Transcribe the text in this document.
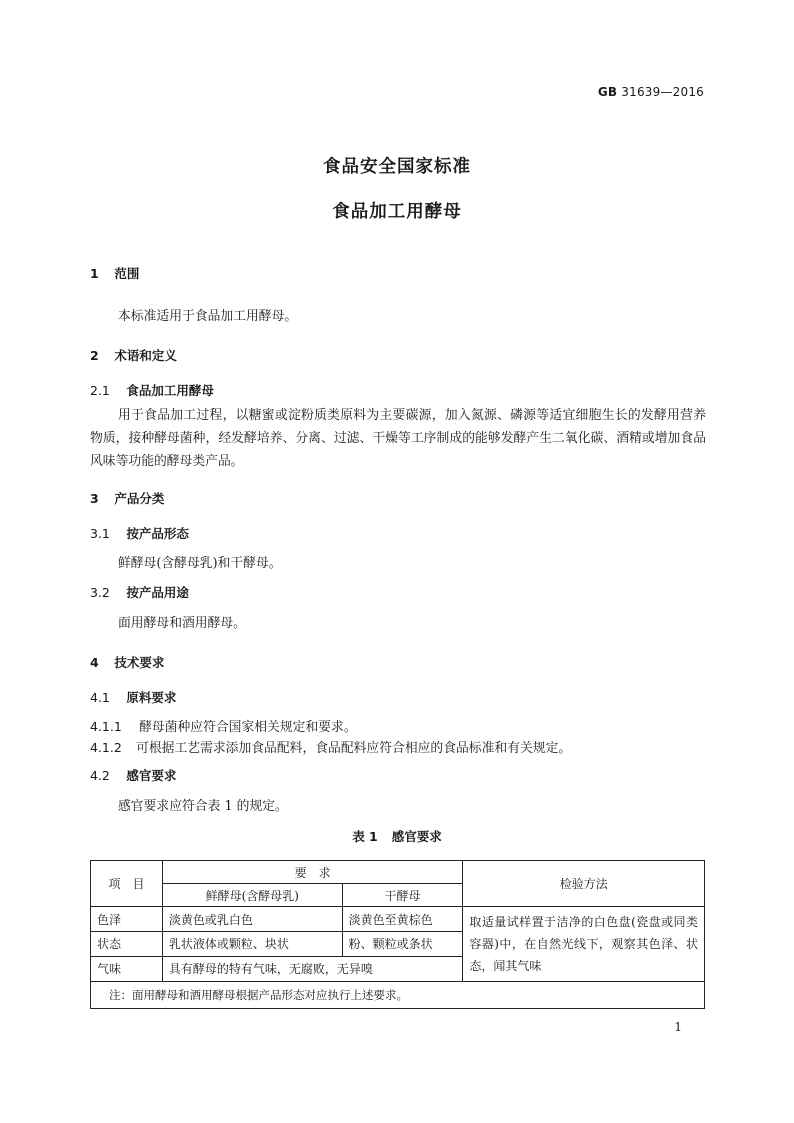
GB 31639—2016
食品安全国家标准
食品加工用酵母
1 范围
本标准适用于食品加工用酵母。
2 术语和定义
2.1 食品加工用酵母
用于食品加工过程，以糖蜜或淀粉质类原料为主要碳源，加入氮源、磷源等适宜细胞生长的发酵用营养物质，接种酵母菌种，经发酵培养、分离、过滤、干燥等工序制成的能够发酵产生二氧化碳、酒精或增加食品风味等功能的酵母类产品。
3 产品分类
3.1 按产品形态
鲜酵母(含酵母乳)和干酵母。
3.2 按产品用途
面用酵母和酒用酵母。
4 技术要求
4.1 原料要求
4.1.1 酵母菌种应符合国家相关规定和要求。
4.1.2 可根据工艺需求添加食品配料，食品配料应符合相应的食品标准和有关规定。
4.2 感官要求
感官要求应符合表 1 的规定。
表 1 感官要求
项　目	要　求		检验方法
	鲜酵母(含酵母乳)	干酵母	
色泽	淡黄色或乳白色	淡黄色至黄棕色	取适量试样置于洁净的白色盘(瓷盘或同类容器)中，在自然光线下，观察其色泽、状态，闻其气味
状态	乳状液体或颗粒、块状	粉、颗粒或条状	
气味	具有酵母的特有气味，无腐败，无异嗅		
注：面用酵母和酒用酵母根据产品形态对应执行上述要求。			
1
